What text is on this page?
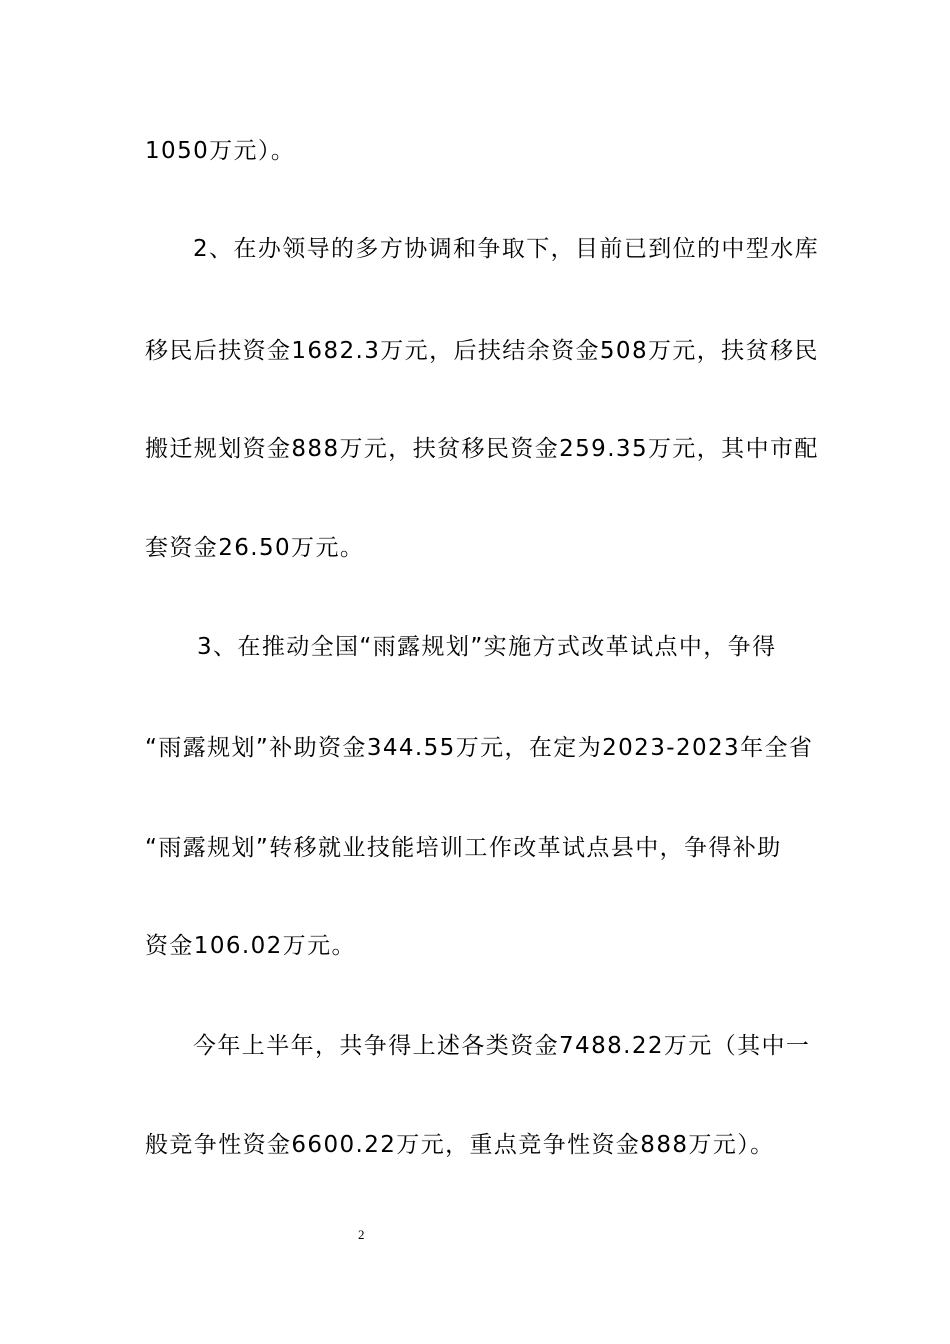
1050万元）。
2、在办领导的多方协调和争取下，目前已到位的中型水库
移民后扶资金1682.3万元，后扶结余资金508万元，扶贫移民
搬迁规划资金888万元，扶贫移民资金259.35万元，其中市配
套资金26.50万元。
3、在推动全国“雨露规划”实施方式改革试点中，争得
“雨露规划”补助资金344.55万元，在定为2023-2023年全省
“雨露规划”转移就业技能培训工作改革试点县中，争得补助
资金106.02万元。
今年上半年，共争得上述各类资金7488.22万元（其中一
般竞争性资金6600.22万元，重点竞争性资金888万元）。
2
